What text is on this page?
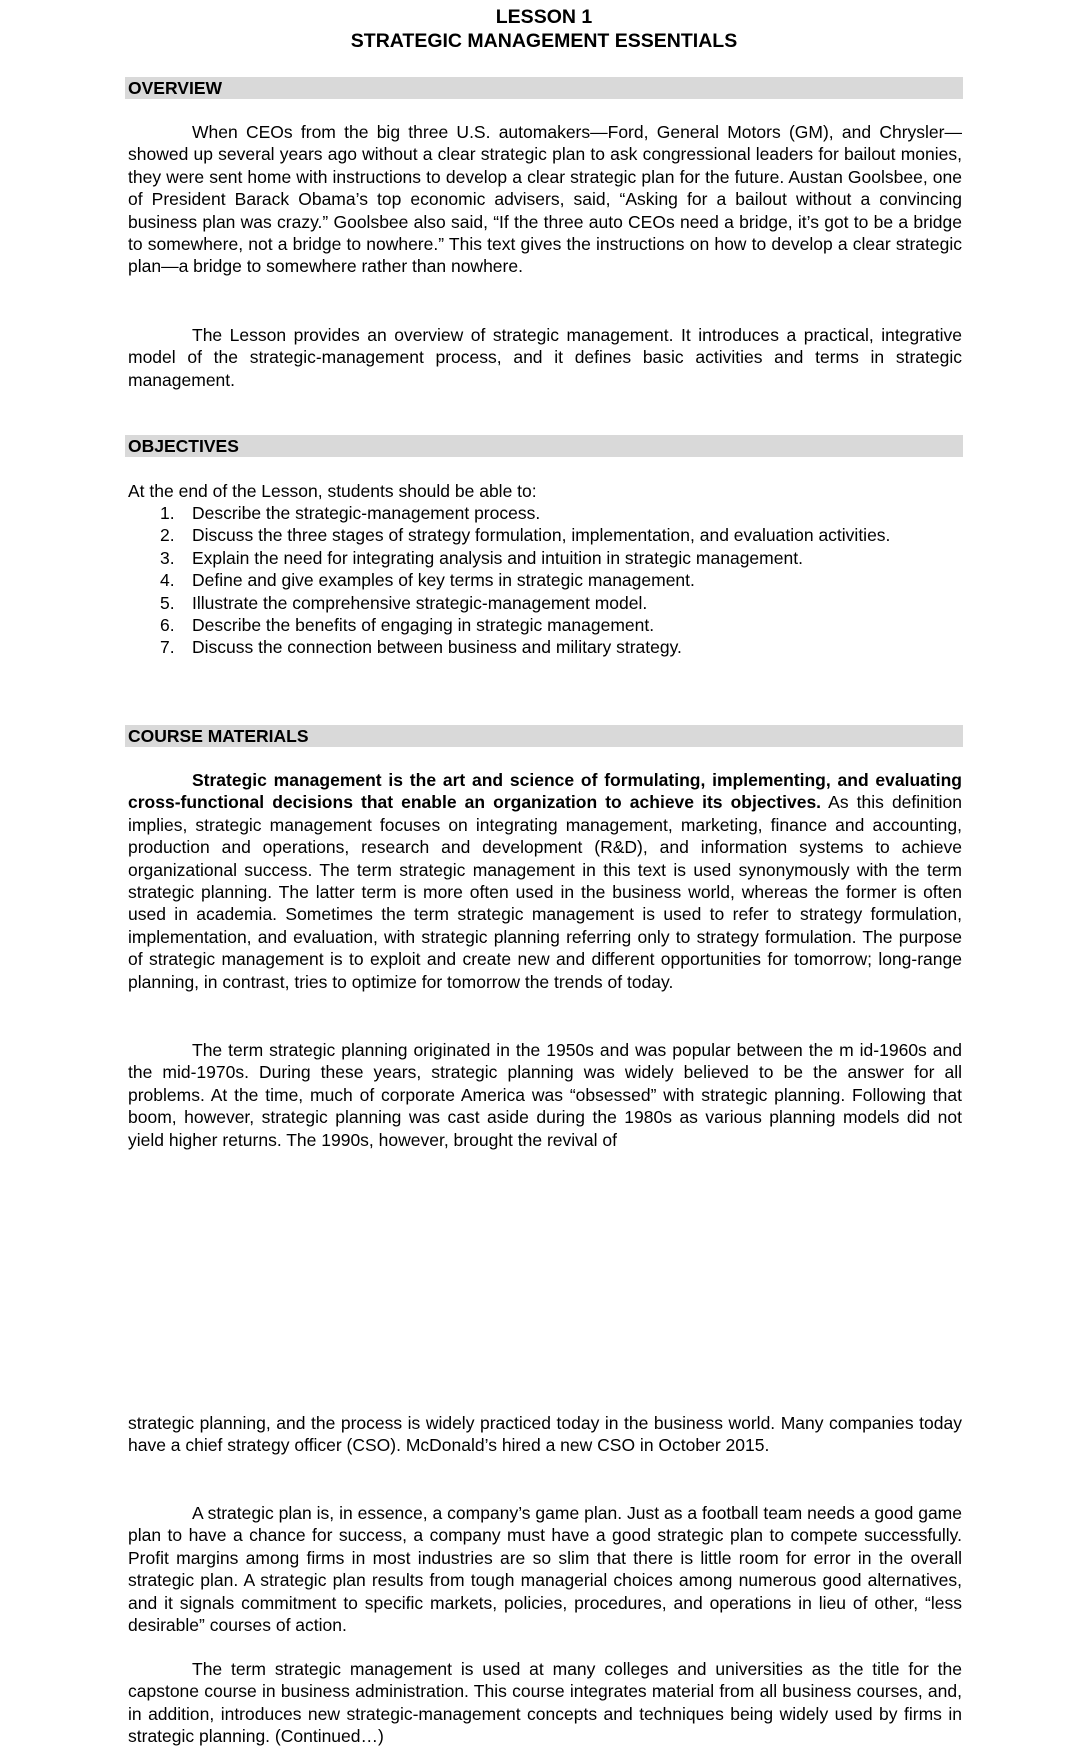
LESSON 1
STRATEGIC MANAGEMENT ESSENTIALS
OVERVIEW

When CEOs from the big three U.S. automakers—Ford, General Motors (GM), and Chrysler—showed up several years ago without a clear strategic plan to ask congressional leaders for bailout monies, they were sent home with instructions to develop a clear strategic plan for the future. Austan Goolsbee, one of President Barack Obama’s top economic advisers, said, “Asking for a bailout without a convincing business plan was crazy.” Goolsbee also said, “If the three auto CEOs need a bridge, it’s got to be a bridge to somewhere, not a bridge to nowhere.” This text gives the instructions on how to develop a clear strategic plan—a bridge to somewhere rather than nowhere.

The Lesson provides an overview of strategic management. It introduces a practical, integrative model of the strategic-management process, and it defines basic activities and terms in strategic management.

OBJECTIVES

At the end of the Lesson, students should be able to:

1. Describe the strategic-management process.
2. Discuss the three stages of strategy formulation, implementation, and evaluation activities.
3. Explain the need for integrating analysis and intuition in strategic management.
4. Define and give examples of key terms in strategic management.
5. Illustrate the comprehensive strategic-management model.
6. Describe the benefits of engaging in strategic management.
7. Discuss the connection between business and military strategy.
COURSE MATERIALS

Strategic management is the art and science of formulating, implementing, and evaluating cross-functional decisions that enable an organization to achieve its objectives. As this definition implies, strategic management focuses on integrating management, marketing, finance and accounting, production and operations, research and development (R&D), and information systems to achieve organizational success. The term strategic management in this text is used synonymously with the term strategic planning. The latter term is more often used in the business world, whereas the former is often used in academia. Sometimes the term strategic management is used to refer to strategy formulation, implementation, and evaluation, with strategic planning referring only to strategy formulation. The purpose of strategic management is to exploit and create new and different opportunities for tomorrow; long-range planning, in contrast, tries to optimize for tomorrow the trends of today.

The term strategic planning originated in the 1950s and was popular between the m id-1960s and the mid-1970s. During these years, strategic planning was widely believed to be the answer for all problems. At the time, much of corporate America was “obsessed” with strategic planning. Following that boom, however, strategic planning was cast aside during the 1980s as various planning models did not yield higher returns. The 1990s, however, brought the revival of

strategic planning, and the process is widely practiced today in the business world. Many companies today have a chief strategy officer (CSO). McDonald’s hired a new CSO in October 2015.

A strategic plan is, in essence, a company’s game plan. Just as a football team needs a good game plan to have a chance for success, a company must have a good strategic plan to compete successfully. Profit margins among firms in most industries are so slim that there is little room for error in the overall strategic plan. A strategic plan results from tough managerial choices among numerous good alternatives, and it signals commitment to specific markets, policies, procedures, and operations in lieu of other, “less desirable” courses of action.

The term strategic management is used at many colleges and universities as the title for the capstone course in business administration. This course integrates material from all business courses, and, in addition, introduces new strategic-management concepts and techniques being widely used by firms in strategic planning. (Continued…)
